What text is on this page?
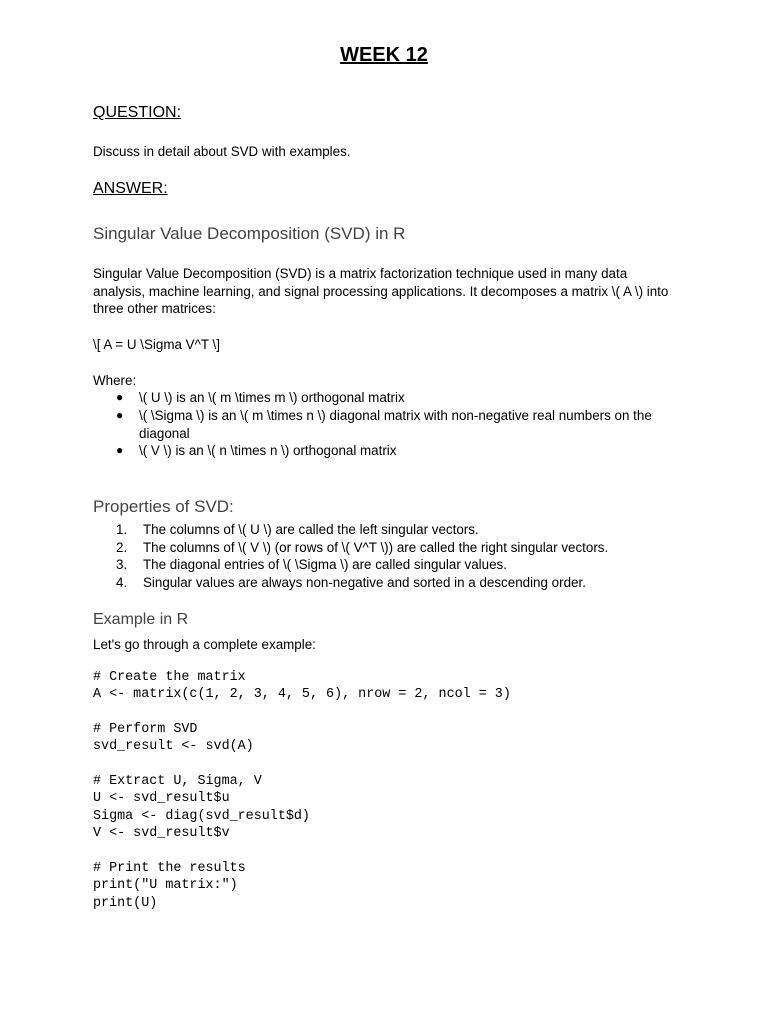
WEEK 12
QUESTION:
Discuss in detail about SVD with examples.
ANSWER:
Singular Value Decomposition (SVD) in R
Singular Value Decomposition (SVD) is a matrix factorization technique used in many data analysis, machine learning, and signal processing applications. It decomposes a matrix \( A \) into three other matrices:
\[ A = U \Sigma V^T \]
Where:
● \( U \) is an \( m \times m \) orthogonal matrix
● \( \Sigma \) is an \( m \times n \) diagonal matrix with non-negative real numbers on the diagonal
● \( V \) is an \( n \times n \) orthogonal matrix
Properties of SVD:
1. The columns of \( U \) are called the left singular vectors.
2. The columns of \( V \) (or rows of \( V^T \)) are called the right singular vectors.
3. The diagonal entries of \( \Sigma \) are called singular values.
4. Singular values are always non-negative and sorted in a descending order.
Example in R
Let's go through a complete example:
# Create the matrix
A <- matrix(c(1, 2, 3, 4, 5, 6), nrow = 2, ncol = 3)
# Perform SVD
svd_result <- svd(A)
# Extract U, Sigma, V
U <- svd_result$u
Sigma <- diag(svd_result$d)
V <- svd_result$v
# Print the results
print("U matrix:")
print(U)
